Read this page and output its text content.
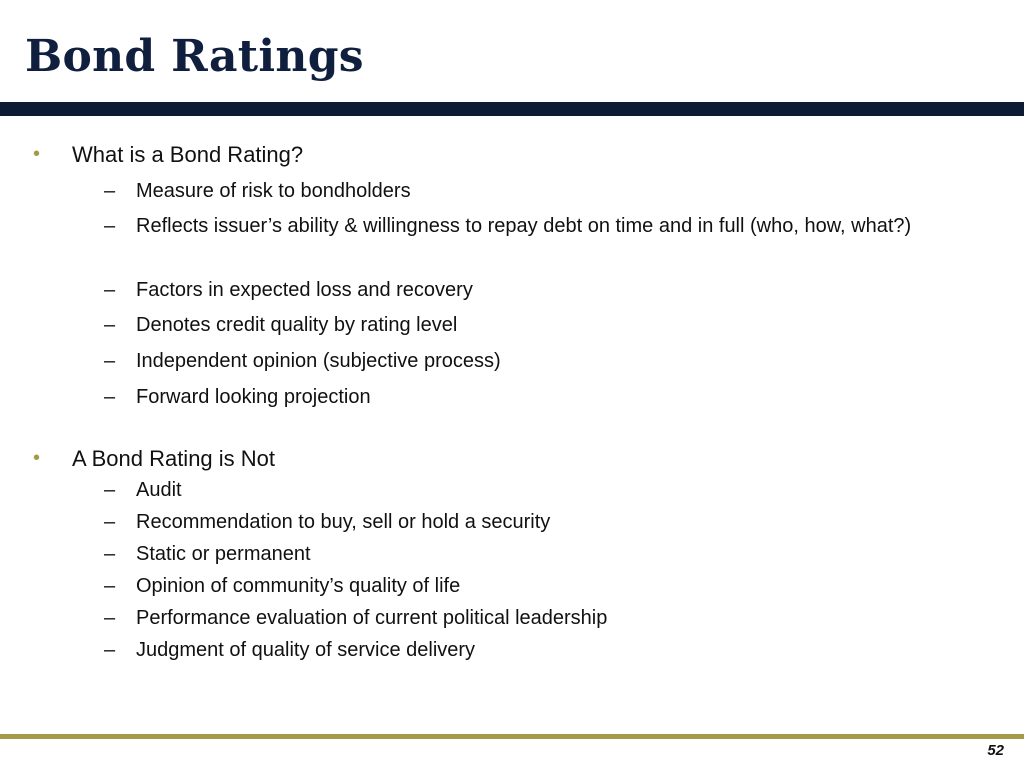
Bond Ratings
• What is a Bond Rating?
– Measure of risk to bondholders
– Reflects issuer’s ability & willingness to repay debt on time and in full (who, how, what?)
– Factors in expected loss and recovery
– Denotes credit quality by rating level
– Independent opinion (subjective process)
– Forward looking projection
• A Bond Rating is Not
– Audit
– Recommendation to buy, sell or hold a security
– Static or permanent
– Opinion of community’s quality of life
– Performance evaluation of current political leadership
– Judgment of quality of service delivery
52
